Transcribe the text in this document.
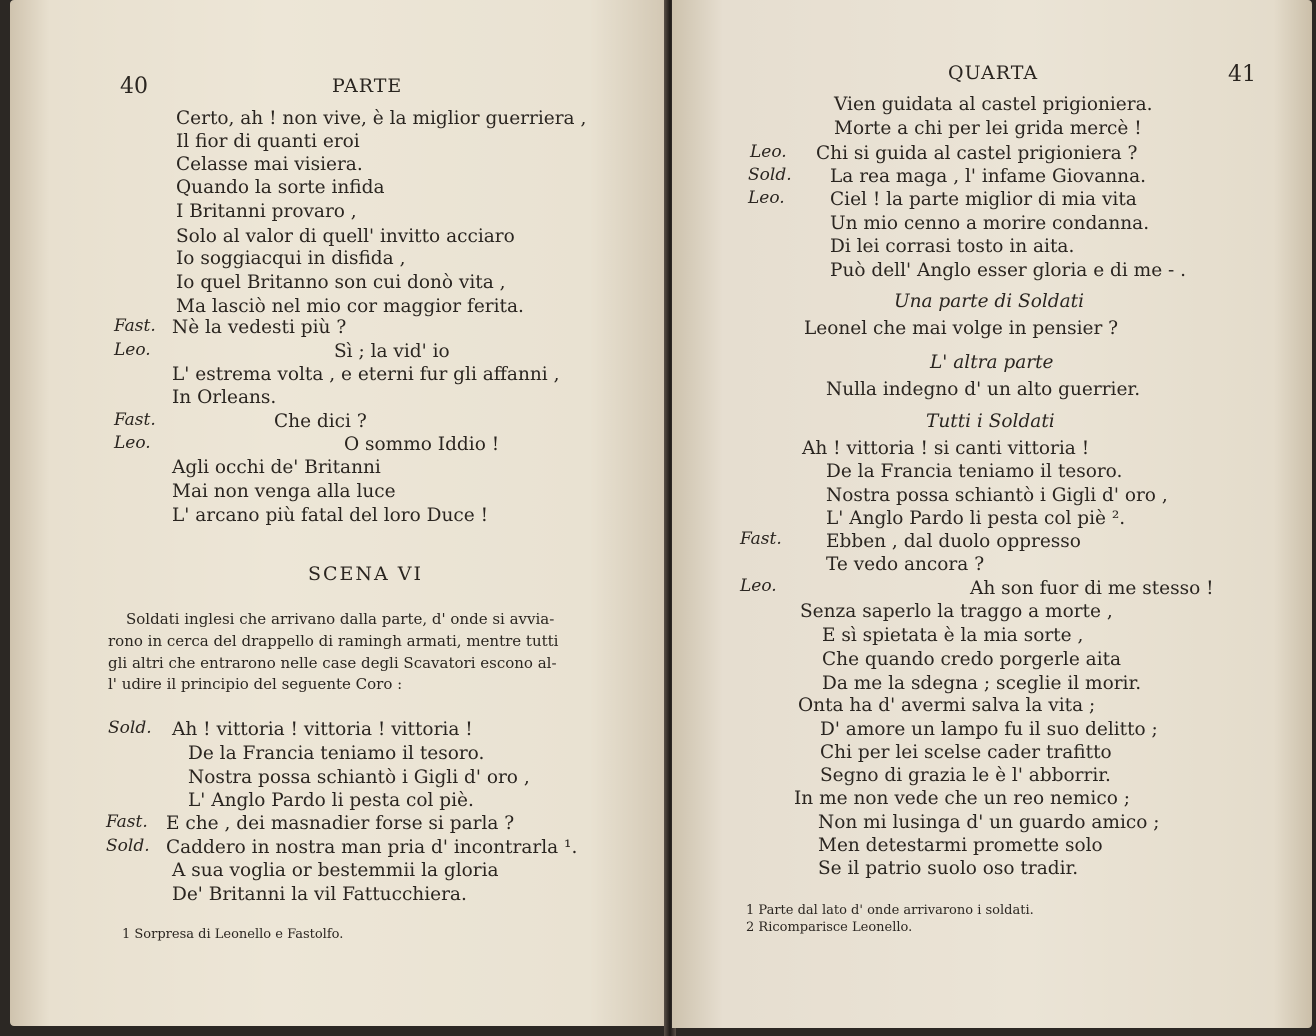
40	PARTE
Certo, ah ! non vive, è la miglior guerriera ,
Il fior di quanti eroi
Celasse mai visiera.
Quando la sorte infida
I Britanni provaro ,
Solo al valor di quell' invitto acciaro
Io soggiacqui in disfida ,
Io quel Britanno son cui donò vita ,
Ma lasciò nel mio cor maggior ferita.
Fast. Nè la vedesti più ?
Leo.	Sì ; la vid' io
L' estrema volta , e eterni fur gli affanni ,
In Orleans.
Fast.	Che dici ?
Leo.	O sommo Iddio !
Agli occhi de' Britanni
Mai non venga alla luce
L' arcano più fatal del loro Duce !
SCENA VI
Soldati inglesi che arrivano dalla parte, d' onde si avvia-
rono in cerca del drappello di ramingh armati, mentre tutti
gli altri che entrarono nelle case degli Scavatori escono al-
l' udire il principio del seguente Coro :
Sold. Ah ! vittoria ! vittoria ! vittoria !
De la Francia teniamo il tesoro.
Nostra possa schiantò i Gigli d' oro ,
L' Anglo Pardo li pesta col piè.
Fast. E che , dei masnadier forse si parla ?
Sold. Caddero in nostra man pria d' incontrarla ¹.
A sua voglia or bestemmii la gloria
De' Britanni la vil Fattucchiera.
1 Sorpresa di Leonello e Fastolfo.
QUARTA	41
Vien guidata al castel prigioniera.
Morte a chi per lei grida mercè !
Leo. Chi si guida al castel prigioniera ?
Sold. La rea maga , l' infame Giovanna.
Leo. Ciel ! la parte miglior di mia vita
Un mio cenno a morire condanna.
Di lei corrasi tosto in aita.
Può dell' Anglo esser gloria e di me - .
Una parte di Soldati
Leonel che mai volge in pensier ?
L' altra parte
Nulla indegno d' un alto guerrier.
Tutti i Soldati
Ah ! vittoria ! si canti vittoria !
De la Francia teniamo il tesoro.
Nostra possa schiantò i Gigli d' oro ,
L' Anglo Pardo li pesta col piè ².
Fast. Ebben , dal duolo oppresso
Te vedo ancora ?
Leo.	Ah son fuor di me stesso !
Senza saperlo la traggo a morte ,
E sì spietata è la mia sorte ,
Che quando credo porgerle aita
Da me la sdegna ; sceglie il morir.
Onta ha d' avermi salva la vita ;
D' amore un lampo fu il suo delitto ;
Chi per lei scelse cader trafitto
Segno di grazia le è l' abborrir.
In me non vede che un reo nemico ;
Non mi lusinga d' un guardo amico ;
Men detestarmi promette solo
Se il patrio suolo oso tradir.
1 Parte dal lato d' onde arrivarono i soldati.
2 Ricomparisce Leonello.
